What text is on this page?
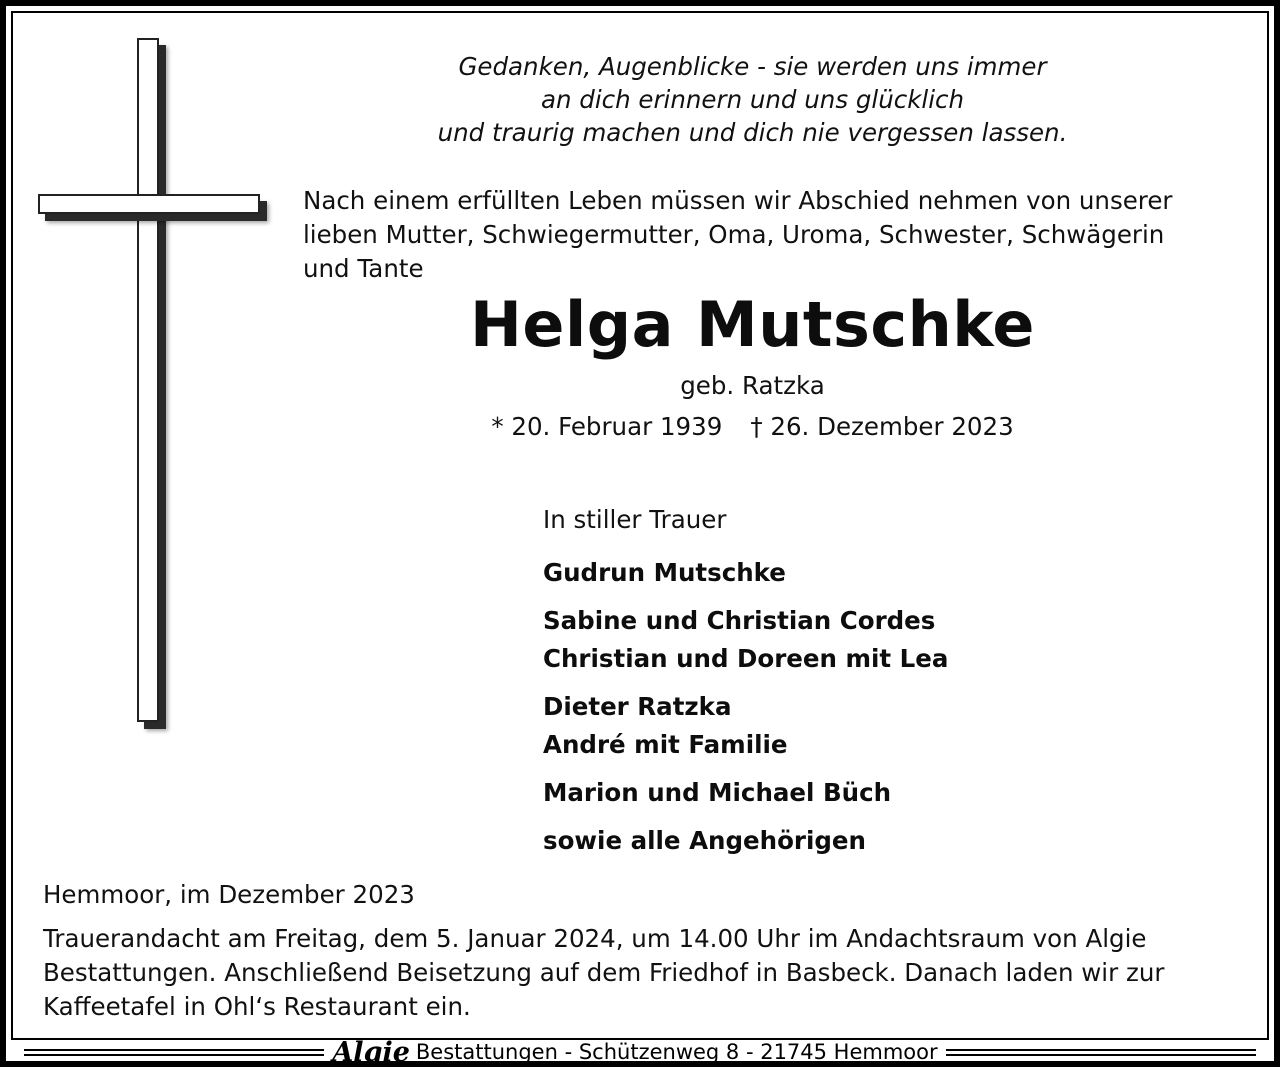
Gedanken, Augenblicke - sie werden uns immer
an dich erinnern und uns glücklich
und traurig machen und dich nie vergessen lassen.
Nach einem erfüllten Leben müssen wir Abschied nehmen von unserer
lieben Mutter, Schwiegermutter, Oma, Uroma, Schwester, Schwägerin
und Tante
Helga Mutschke
geb. Ratzka
* 20. Februar 1939 † 26. Dezember 2023
In stiller Trauer
Gudrun Mutschke
Sabine und Christian Cordes
Christian und Doreen mit Lea
Dieter Ratzka
André mit Familie
Marion und Michael Büch
sowie alle Angehörigen
Hemmoor, im Dezember 2023
Trauerandacht am Freitag, dem 5. Januar 2024, um 14.00 Uhr im Andachtsraum von Algie
Bestattungen. Anschließend Beisetzung auf dem Friedhof in Basbeck. Danach laden wir zur
Kaffeetafel in Ohl‘s Restaurant ein.
Algie Bestattungen - Schützenweg 8 - 21745 Hemmoor
